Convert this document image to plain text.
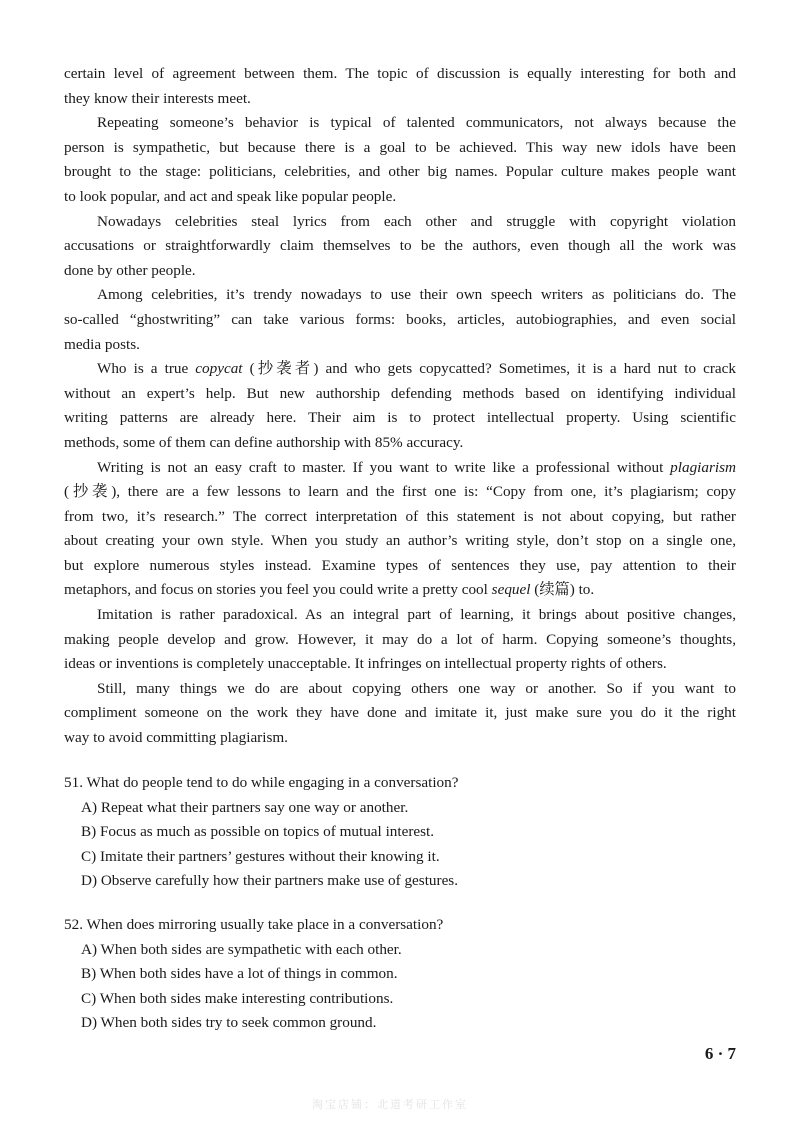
certain level of agreement between them. The topic of discussion is equally interesting for both and
they know their interests meet.
Repeating someone’s behavior is typical of talented communicators, not always because the
person is sympathetic, but because there is a goal to be achieved. This way new idols have been
brought to the stage: politicians, celebrities, and other big names. Popular culture makes people want
to look popular, and act and speak like popular people.
Nowadays celebrities steal lyrics from each other and struggle with copyright violation
accusations or straightforwardly claim themselves to be the authors, even though all the work was
done by other people.
Among celebrities, it’s trendy nowadays to use their own speech writers as politicians do. The
so-called “ghostwriting” can take various forms: books, articles, autobiographies, and even social
media posts.
Who is a true copycat (抄袭者) and who gets copycatted? Sometimes, it is a hard nut to crack
without an expert’s help. But new authorship defending methods based on identifying individual
writing patterns are already here. Their aim is to protect intellectual property. Using scientific
methods, some of them can define authorship with 85% accuracy.
Writing is not an easy craft to master. If you want to write like a professional without plagiarism
(抄袭), there are a few lessons to learn and the first one is: “Copy from one, it’s plagiarism; copy
from two, it’s research.” The correct interpretation of this statement is not about copying, but rather
about creating your own style. When you study an author’s writing style, don’t stop on a single one,
but explore numerous styles instead. Examine types of sentences they use, pay attention to their
metaphors, and focus on stories you feel you could write a pretty cool sequel (续篇) to.
Imitation is rather paradoxical. As an integral part of learning, it brings about positive changes,
making people develop and grow. However, it may do a lot of harm. Copying someone’s thoughts,
ideas or inventions is completely unacceptable. It infringes on intellectual property rights of others.
Still, many things we do are about copying others one way or another. So if you want to
compliment someone on the work they have done and imitate it, just make sure you do it the right
way to avoid committing plagiarism.
51. What do people tend to do while engaging in a conversation?
A) Repeat what their partners say one way or another.
B) Focus as much as possible on topics of mutual interest.
C) Imitate their partners’ gestures without their knowing it.
D) Observe carefully how their partners make use of gestures.
52. When does mirroring usually take place in a conversation?
A) When both sides are sympathetic with each other.
B) When both sides have a lot of things in common.
C) When both sides make interesting contributions.
D) When both sides try to seek common ground.
6 · 7
淘宝店铺：北道考研工作室
